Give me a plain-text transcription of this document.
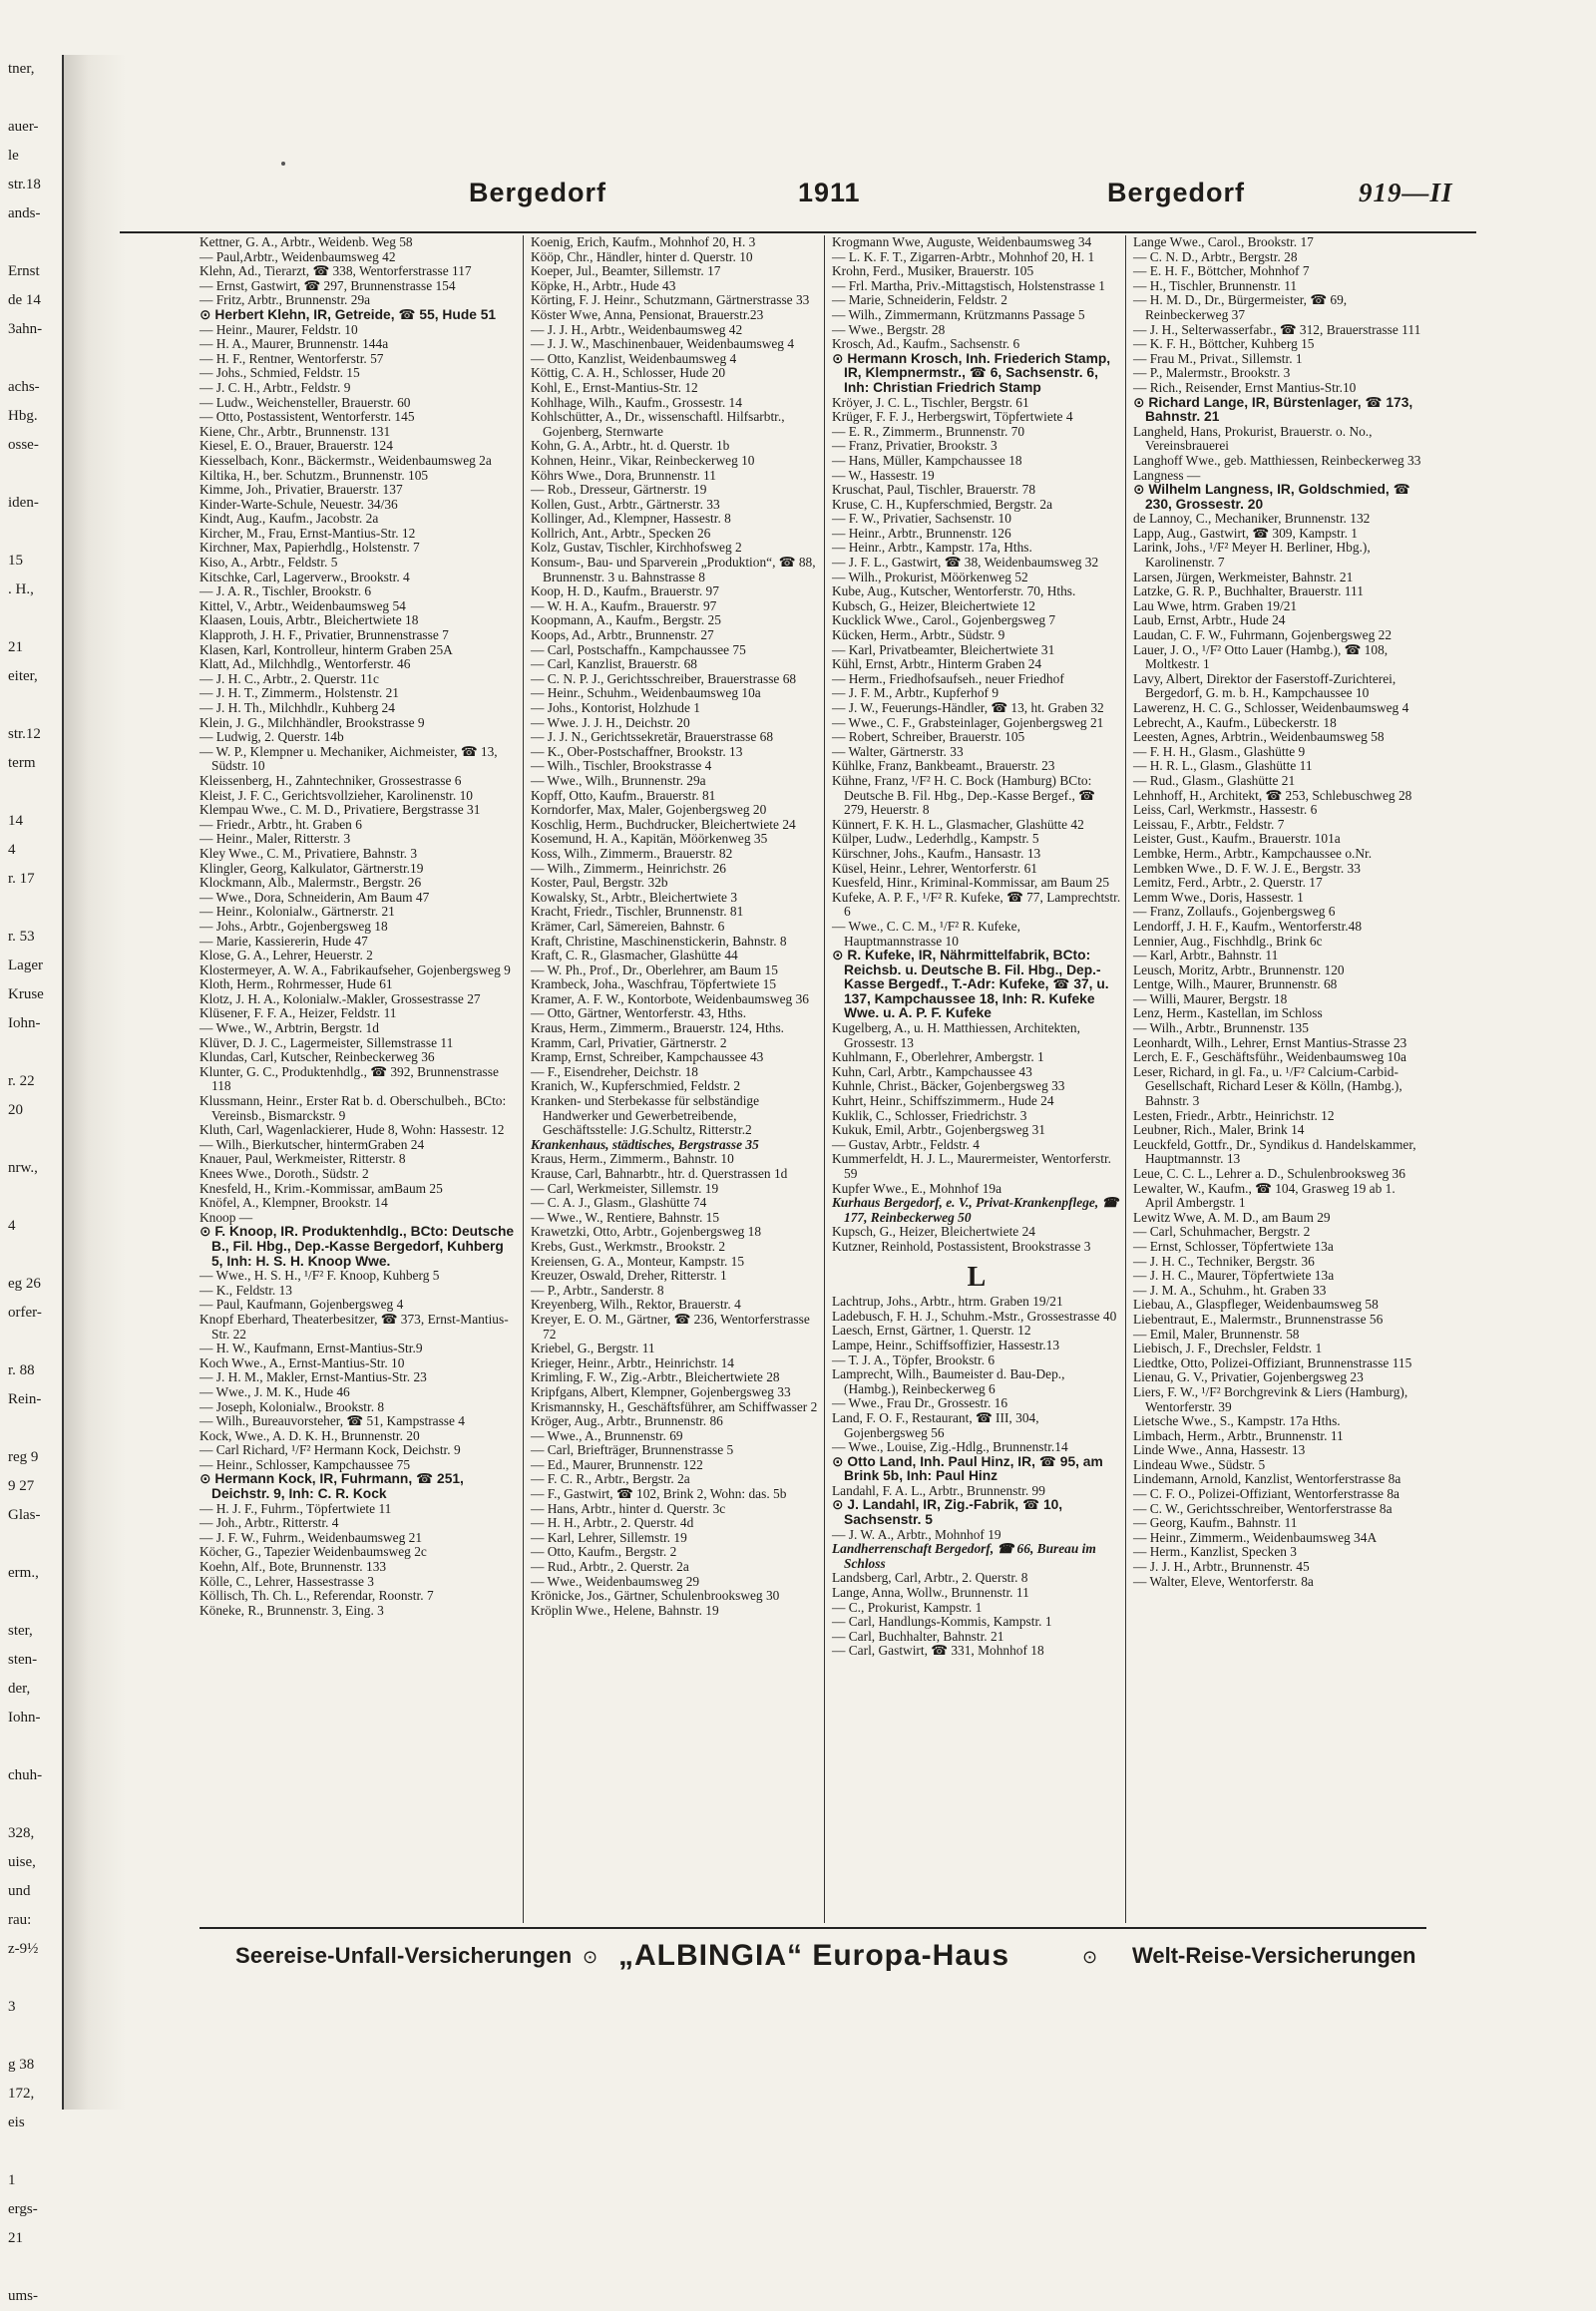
tner,

auer-
le
str.18
ands-

Ernst
de 14
3ahn-

achs-
Hbg.
osse-

iden-

15
. H.,

21
eiter,

str.12
term

14
4
r. 17

r. 53
Lager
Kruse
Iohn-

r. 22
20

nrw.,

4

eg 26
orfer-

r. 88
Rein-

reg 9
9 27
Glas-

erm.,

ster,
sten-
der,
Iohn-

chuh-

328,
uise,
und
rau:
z-9½

3

g 38
172,
eis

1
ergs-
21

ums-
Bergedorf	1911	Bergedorf	919—II

Kettner, G. A., Arbtr., Weidenb. Weg 58

— Paul,Arbtr., Weidenbaumsweg 42

Klehn, Ad., Tierarzt, ☎ 338, Wentorferstrasse 117

— Ernst, Gastwirt, ☎ 297, Brunnenstrasse 154

— Fritz, Arbtr., Brunnenstr. 29a

⊙ Herbert Klehn, IR, Getreide, ☎ 55, Hude 51

— Heinr., Maurer, Feldstr. 10

— H. A., Maurer, Brunnenstr. 144a

— H. F., Rentner, Wentorferstr. 57

— Johs., Schmied, Feldstr. 15

— J. C. H., Arbtr., Feldstr. 9

— Ludw., Weichensteller, Brauerstr. 60

— Otto, Postassistent, Wentorferstr. 145

Kiene, Chr., Arbtr., Brunnenstr. 131

Kiesel, E. O., Brauer, Brauerstr. 124

Kiesselbach, Konr., Bäckermstr., Weidenbaumsweg 2a

Kiltika, H., ber. Schutzm., Brunnenstr. 105

Kimme, Joh., Privatier, Brauerstr. 137

Kinder-Warte-Schule, Neuestr. 34/36

Kindt, Aug., Kaufm., Jacobstr. 2a

Kircher, M., Frau, Ernst-Mantius-Str. 12

Kirchner, Max, Papierhdlg., Holstenstr. 7

Kiso, A., Arbtr., Feldstr. 5

Kitschke, Carl, Lagerverw., Brookstr. 4

— J. A. R., Tischler, Brookstr. 6

Kittel, V., Arbtr., Weidenbaumsweg 54

Klaasen, Louis, Arbtr., Bleichertwiete 18

Klapproth, J. H. F., Privatier, Brunnenstrasse 7

Klasen, Karl, Kontrolleur, hinterm Graben 25A

Klatt, Ad., Milchhdlg., Wentorferstr. 46

— J. H. C., Arbtr., 2. Querstr. 11c

— J. H. T., Zimmerm., Holstenstr. 21

— J. H. Th., Milchhdlr., Kuhberg 24

Klein, J. G., Milchhändler, Brookstrasse 9

— Ludwig, 2. Querstr. 14b

— W. P., Klempner u. Mechaniker, Aichmeister, ☎ 13, Südstr. 10

Kleissenberg, H., Zahntechniker, Grossestrasse 6

Kleist, J. F. C., Gerichtsvollzieher, Karolinenstr. 10

Klempau Wwe., C. M. D., Privatiere, Bergstrasse 31

— Friedr., Arbtr., ht. Graben 6

— Heinr., Maler, Ritterstr. 3

Kley Wwe., C. M., Privatiere, Bahnstr. 3

Klingler, Georg, Kalkulator, Gärtnerstr.19

Klockmann, Alb., Malermstr., Bergstr. 26

— Wwe., Dora, Schneiderin, Am Baum 47

— Heinr., Kolonialw., Gärtnerstr. 21

— Johs., Arbtr., Gojenbergsweg 18

— Marie, Kassiererin, Hude 47

Klose, G. A., Lehrer, Heuerstr. 2

Klostermeyer, A. W. A., Fabrikaufseher, Gojenbergsweg 9

Kloth, Herm., Rohrmesser, Hude 61

Klotz, J. H. A., Kolonialw.-Makler, Grossestrasse 27

Klüsener, F. F. A., Heizer, Feldstr. 11

— Wwe., W., Arbtrin, Bergstr. 1d

Klüver, D. J. C., Lagermeister, Sillemstrasse 11

Klundas, Carl, Kutscher, Reinbeckerweg 36

Klunter, G. C., Produktenhdlg., ☎ 392, Brunnenstrasse 118

Klussmann, Heinr., Erster Rat b. d. Oberschulbeh., BCto: Vereinsb., Bismarckstr. 9

Kluth, Carl, Wagenlackierer, Hude 8, Wohn: Hassestr. 12

— Wilh., Bierkutscher, hintermGraben 24

Knauer, Paul, Werkmeister, Ritterstr. 8

Knees Wwe., Doroth., Südstr. 2

Knesfeld, H., Krim.-Kommissar, amBaum 25

Knöfel, A., Klempner, Brookstr. 14

Knoop —

⊙ F. Knoop, IR. Produktenhdlg., BCto: Deutsche B., Fil. Hbg., Dep.-Kasse Bergedorf, Kuhberg 5, Inh: H. S. H. Knoop Wwe.

— Wwe., H. S. H., ¹/F² F. Knoop, Kuhberg 5

— K., Feldstr. 13

— Paul, Kaufmann, Gojenbergsweg 4

Knopf Eberhard, Theaterbesitzer, ☎ 373, Ernst-Mantius-Str. 22

— H. W., Kaufmann, Ernst-Mantius-Str.9

Koch Wwe., A., Ernst-Mantius-Str. 10

— J. H. M., Makler, Ernst-Mantius-Str. 23

— Wwe., J. M. K., Hude 46

— Joseph, Kolonialw., Brookstr. 8

— Wilh., Bureauvorsteher, ☎ 51, Kampstrasse 4

Kock, Wwe., A. D. K. H., Brunnenstr. 20

— Carl Richard, ¹/F² Hermann Kock, Deichstr. 9

— Heinr., Schlosser, Kampchaussee 75

⊙ Hermann Kock, IR, Fuhrmann, ☎ 251, Deichstr. 9, Inh: C. R. Kock

— H. J. F., Fuhrm., Töpfertwiete 11

— Joh., Arbtr., Ritterstr. 4

— J. F. W., Fuhrm., Weidenbaumsweg 21

Köcher, G., Tapezier Weidenbaumsweg 2c

Koehn, Alf., Bote, Brunnenstr. 133

Kölle, C., Lehrer, Hassestrasse 3

Köllisch, Th. Ch. L., Referendar, Roonstr. 7

Köneke, R., Brunnenstr. 3, Eing. 3

Koenig, Erich, Kaufm., Mohnhof 20, H. 3

Kööp, Chr., Händler, hinter d. Querstr. 10

Koeper, Jul., Beamter, Sillemstr. 17

Köpke, H., Arbtr., Hude 43

Körting, F. J. Heinr., Schutzmann, Gärtnerstrasse 33

Köster Wwe, Anna, Pensionat, Brauerstr.23

— J. J. H., Arbtr., Weidenbaumsweg 42

— J. J. W., Maschinenbauer, Weidenbaumsweg 4

— Otto, Kanzlist, Weidenbaumsweg 4

Köttig, C. A. H., Schlosser, Hude 20

Kohl, E., Ernst-Mantius-Str. 12

Kohlhage, Wilh., Kaufm., Grossestr. 14

Kohlschütter, A., Dr., wissenschaftl. Hilfsarbtr., Gojenberg, Sternwarte

Kohn, G. A., Arbtr., ht. d. Querstr. 1b

Kohnen, Heinr., Vikar, Reinbeckerweg 10

Köhrs Wwe., Dora, Brunnenstr. 11

— Rob., Dresseur, Gärtnerstr. 19

Kollen, Gust., Arbtr., Gärtnerstr. 33

Kollinger, Ad., Klempner, Hassestr. 8

Kollrich, Ant., Arbtr., Specken 26

Kolz, Gustav, Tischler, Kirchhofsweg 2

Konsum-, Bau- und Sparverein „Produktion“, ☎ 88, Brunnenstr. 3 u. Bahnstrasse 8

Koop, H. D., Kaufm., Brauerstr. 97

— W. H. A., Kaufm., Brauerstr. 97

Koopmann, A., Kaufm., Bergstr. 25

Koops, Ad., Arbtr., Brunnenstr. 27

— Carl, Postschaffn., Kampchaussee 75

— Carl, Kanzlist, Brauerstr. 68

— C. N. P. J., Gerichtsschreiber, Brauerstrasse 68

— Heinr., Schuhm., Weidenbaumsweg 10a

— Johs., Kontorist, Holzhude 1

— Wwe. J. J. H., Deichstr. 20

— J. J. N., Gerichtssekretär, Brauerstrasse 68

— K., Ober-Postschaffner, Brookstr. 13

— Wilh., Tischler, Brookstrasse 4

— Wwe., Wilh., Brunnenstr. 29a

Kopff, Otto, Kaufm., Brauerstr. 81

Korndorfer, Max, Maler, Gojenbergsweg 20

Koschlig, Herm., Buchdrucker, Bleichertwiete 24

Kosemund, H. A., Kapitän, Möörkenweg 35

Koss, Wilh., Zimmerm., Brauerstr. 82

— Wilh., Zimmerm., Heinrichstr. 26

Koster, Paul, Bergstr. 32b

Kowalsky, St., Arbtr., Bleichertwiete 3

Kracht, Friedr., Tischler, Brunnenstr. 81

Krämer, Carl, Sämereien, Bahnstr. 6

Kraft, Christine, Maschinenstickerin, Bahnstr. 8

Kraft, C. R., Glasmacher, Glashütte 44

— W. Ph., Prof., Dr., Oberlehrer, am Baum 15

Krambeck, Joha., Waschfrau, Töpfertwiete 15

Kramer, A. F. W., Kontorbote, Weidenbaumsweg 36

— Otto, Gärtner, Wentorferstr. 43, Hths.

Kraus, Herm., Zimmerm., Brauerstr. 124, Hths.

Kramm, Carl, Privatier, Gärtnerstr. 2

Kramp, Ernst, Schreiber, Kampchaussee 43

— F., Eisendreher, Deichstr. 18

Kranich, W., Kupferschmied, Feldstr. 2

Kranken- und Sterbekasse für selbständige Handwerker und Gewerbetreibende, Geschäftsstelle: J.G.Schultz, Ritterstr.2

Krankenhaus, städtisches, Bergstrasse 35

Kraus, Herm., Zimmerm., Bahnstr. 10

Krause, Carl, Bahnarbtr., htr. d. Querstrassen 1d

— Carl, Werkmeister, Sillemstr. 19

— C. A. J., Glasm., Glashütte 74

— Wwe., W., Rentiere, Bahnstr. 15

Krawetzki, Otto, Arbtr., Gojenbergsweg 18

Krebs, Gust., Werkmstr., Brookstr. 2

Kreiensen, G. A., Monteur, Kampstr. 15

Kreuzer, Oswald, Dreher, Ritterstr. 1

— P., Arbtr., Sanderstr. 8

Kreyenberg, Wilh., Rektor, Brauerstr. 4

Kreyer, E. O. M., Gärtner, ☎ 236, Wentorferstrasse 72

Kriebel, G., Bergstr. 11

Krieger, Heinr., Arbtr., Heinrichstr. 14

Krimling, F. W., Zig.-Arbtr., Bleichertwiete 28

Kripfgans, Albert, Klempner, Gojenbergsweg 33

Krismannsky, H., Geschäftsführer, am Schiffwasser 2

Kröger, Aug., Arbtr., Brunnenstr. 86

— Wwe., A., Brunnenstr. 69

— Carl, Briefträger, Brunnenstrasse 5

— Ed., Maurer, Brunnenstr. 122

— F. C. R., Arbtr., Bergstr. 2a

— F., Gastwirt, ☎ 102, Brink 2, Wohn: das. 5b

— Hans, Arbtr., hinter d. Querstr. 3c

— H. H., Arbtr., 2. Querstr. 4d

— Karl, Lehrer, Sillemstr. 19

— Otto, Kaufm., Bergstr. 2

— Rud., Arbtr., 2. Querstr. 2a

— Wwe., Weidenbaumsweg 29

Krönicke, Jos., Gärtner, Schulenbrooksweg 30

Kröplin Wwe., Helene, Bahnstr. 19

Krogmann Wwe, Auguste, Weidenbaumsweg 34

— L. K. F. T., Zigarren-Arbtr., Mohnhof 20, H. 1

Krohn, Ferd., Musiker, Brauerstr. 105

— Frl. Martha, Priv.-Mittagstisch, Holstenstrasse 1

— Marie, Schneiderin, Feldstr. 2

— Wilh., Zimmermann, Krützmanns Passage 5

— Wwe., Bergstr. 28

Krosch, Ad., Kaufm., Sachsenstr. 6

⊙ Hermann Krosch, Inh. Friederich Stamp, IR, Klempnermstr., ☎ 6, Sachsenstr. 6, Inh: Christian Friedrich Stamp

Kröyer, J. C. L., Tischler, Bergstr. 61

Krüger, F. F. J., Herbergswirt, Töpfertwiete 4

— E. R., Zimmerm., Brunnenstr. 70

— Franz, Privatier, Brookstr. 3

— Hans, Müller, Kampchaussee 18

— W., Hassestr. 19

Kruschat, Paul, Tischler, Brauerstr. 78

Kruse, C. H., Kupferschmied, Bergstr. 2a

— F. W., Privatier, Sachsenstr. 10

— Heinr., Arbtr., Brunnenstr. 126

— Heinr., Arbtr., Kampstr. 17a, Hths.

— J. F. L., Gastwirt, ☎ 38, Weidenbaumsweg 32

— Wilh., Prokurist, Möörkenweg 52

Kube, Aug., Kutscher, Wentorferstr. 70, Hths.

Kubsch, G., Heizer, Bleichertwiete 12

Kucklick Wwe., Carol., Gojenbergsweg 7

Kücken, Herm., Arbtr., Südstr. 9

— Karl, Privatbeamter, Bleichertwiete 31

Kühl, Ernst, Arbtr., Hinterm Graben 24

— Herm., Friedhofsaufseh., neuer Friedhof

— J. F. M., Arbtr., Kupferhof 9

— J. W., Feuerungs-Händler, ☎ 13, ht. Graben 32

— Wwe., C. F., Grabsteinlager, Gojenbergsweg 21

— Robert, Schreiber, Brauerstr. 105

— Walter, Gärtnerstr. 33

Kühlke, Franz, Bankbeamt., Brauerstr. 23

Kühne, Franz, ¹/F² H. C. Bock (Hamburg) BCto: Deutsche B. Fil. Hbg., Dep.-Kasse Bergef., ☎ 279, Heuerstr. 8

Künnert, F. K. H. L., Glasmacher, Glashütte 42

Külper, Ludw., Lederhdlg., Kampstr. 5

Kürschner, Johs., Kaufm., Hansastr. 13

Küsel, Heinr., Lehrer, Wentorferstr. 61

Kuesfeld, Hinr., Kriminal-Kommissar, am Baum 25

Kufeke, A. P. F., ¹/F² R. Kufeke, ☎ 77, Lamprechtstr. 6

— Wwe., C. C. M., ¹/F² R. Kufeke, Hauptmannstrasse 10

⊙ R. Kufeke, IR, Nährmittelfabrik, BCto: Reichsb. u. Deutsche B. Fil. Hbg., Dep.-Kasse Bergedf., T.-Adr: Kufeke, ☎ 37, u. 137, Kampchaussee 18, Inh: R. Kufeke Wwe. u. A. P. F. Kufeke

Kugelberg, A., u. H. Matthiessen, Architekten, Grossestr. 13

Kuhlmann, F., Oberlehrer, Ambergstr. 1

Kuhn, Carl, Arbtr., Kampchaussee 43

Kuhnle, Christ., Bäcker, Gojenbergsweg 33

Kuhrt, Heinr., Schiffszimmerm., Hude 24

Kuklik, C., Schlosser, Friedrichstr. 3

Kukuk, Emil, Arbtr., Gojenbergsweg 31

— Gustav, Arbtr., Feldstr. 4

Kummerfeldt, H. J. L., Maurermeister, Wentorferstr. 59

Kupfer Wwe., E., Mohnhof 19a

Kurhaus Bergedorf, e. V., Privat-Krankenpflege, ☎ 177, Reinbeckerweg 50

Kupsch, G., Heizer, Bleichertwiete 24

Kutzner, Reinhold, Postassistent, Brookstrasse 3

L

Lachtrup, Johs., Arbtr., htrm. Graben 19/21

Ladebusch, F. H. J., Schuhm.-Mstr., Grossestrasse 40

Laesch, Ernst, Gärtner, 1. Querstr. 12

Lampe, Heinr., Schiffsoffizier, Hassestr.13

— T. J. A., Töpfer, Brookstr. 6

Lamprecht, Wilh., Baumeister d. Bau-Dep., (Hambg.), Reinbeckerweg 6

— Wwe., Frau Dr., Grossestr. 16

Land, F. O. F., Restaurant, ☎ III, 304, Gojenbergsweg 56

— Wwe., Louise, Zig.-Hdlg., Brunnenstr.14

⊙ Otto Land, Inh. Paul Hinz, IR, ☎ 95, am Brink 5b, Inh: Paul Hinz

Landahl, F. A. L., Arbtr., Brunnenstr. 99

⊙ J. Landahl, IR, Zig.-Fabrik, ☎ 10, Sachsenstr. 5

— J. W. A., Arbtr., Mohnhof 19

Landherrenschaft Bergedorf, ☎ 66, Bureau im Schloss

Landsberg, Carl, Arbtr., 2. Querstr. 8

Lange, Anna, Wollw., Brunnenstr. 11

— C., Prokurist, Kampstr. 1

— Carl, Handlungs-Kommis, Kampstr. 1

— Carl, Buchhalter, Bahnstr. 21

— Carl, Gastwirt, ☎ 331, Mohnhof 18

Lange Wwe., Carol., Brookstr. 17

— C. N. D., Arbtr., Bergstr. 28

— E. H. F., Böttcher, Mohnhof 7

— H., Tischler, Brunnenstr. 11

— H. M. D., Dr., Bürgermeister, ☎ 69, Reinbeckerweg 37

— J. H., Selterwasserfabr., ☎ 312, Brauerstrasse 111

— K. F. H., Böttcher, Kuhberg 15

— Frau M., Privat., Sillemstr. 1

— P., Malermstr., Brookstr. 3

— Rich., Reisender, Ernst Mantius-Str.10

⊙ Richard Lange, IR, Bürstenlager, ☎ 173, Bahnstr. 21

Langheld, Hans, Prokurist, Brauerstr. o. No., Vereinsbrauerei

Langhoff Wwe., geb. Matthiessen, Reinbeckerweg 33

Langness —

⊙ Wilhelm Langness, IR, Goldschmied, ☎ 230, Grossestr. 20

de Lannoy, C., Mechaniker, Brunnenstr. 132

Lapp, Aug., Gastwirt, ☎ 309, Kampstr. 1

Larink, Johs., ¹/F² Meyer H. Berliner, Hbg.), Karolinenstr. 7

Larsen, Jürgen, Werkmeister, Bahnstr. 21

Latzke, G. R. P., Buchhalter, Brauerstr. 111

Lau Wwe, htrm. Graben 19/21

Laub, Ernst, Arbtr., Hude 24

Laudan, C. F. W., Fuhrmann, Gojenbergsweg 22

Lauer, J. O., ¹/F² Otto Lauer (Hambg.), ☎ 108, Moltkestr. 1

Lavy, Albert, Direktor der Faserstoff-Zurichterei, Bergedorf, G. m. b. H., Kampchaussee 10

Lawerenz, H. C. G., Schlosser, Weidenbaumsweg 4

Lebrecht, A., Kaufm., Lübeckerstr. 18

Leesten, Agnes, Arbtrin., Weidenbaumsweg 58

— F. H. H., Glasm., Glashütte 9

— H. R. L., Glasm., Glashütte 11

— Rud., Glasm., Glashütte 21

Lehnhoff, H., Architekt, ☎ 253, Schlebuschweg 28

Leiss, Carl, Werkmstr., Hassestr. 6

Leissau, F., Arbtr., Feldstr. 7

Leister, Gust., Kaufm., Brauerstr. 101a

Lembke, Herm., Arbtr., Kampchaussee o.Nr.

Lembken Wwe., D. F. W. J. E., Bergstr. 33

Lemitz, Ferd., Arbtr., 2. Querstr. 17

Lemm Wwe., Doris, Hassestr. 1

— Franz, Zollaufs., Gojenbergsweg 6

Lendorff, J. H. F., Kaufm., Wentorferstr.48

Lennier, Aug., Fischhdlg., Brink 6c

— Karl, Arbtr., Bahnstr. 11

Leusch, Moritz, Arbtr., Brunnenstr. 120

Lentge, Wilh., Maurer, Brunnenstr. 68

— Willi, Maurer, Bergstr. 18

Lenz, Herm., Kastellan, im Schloss

— Wilh., Arbtr., Brunnenstr. 135

Leonhardt, Wilh., Lehrer, Ernst Mantius-Strasse 23

Lerch, E. F., Geschäftsführ., Weidenbaumsweg 10a

Leser, Richard, in gl. Fa., u. ¹/F² Calcium-Carbid-Gesellschaft, Richard Leser & Kölln, (Hambg.), Bahnstr. 3

Lesten, Friedr., Arbtr., Heinrichstr. 12

Leubner, Rich., Maler, Brink 14

Leuckfeld, Gottfr., Dr., Syndikus d. Handelskammer, Hauptmannstr. 13

Leue, C. C. L., Lehrer a. D., Schulenbrooksweg 36

Lewalter, W., Kaufm., ☎ 104, Grasweg 19 ab 1. April Ambergstr. 1

Lewitz Wwe, A. M. D., am Baum 29

— Carl, Schuhmacher, Bergstr. 2

— Ernst, Schlosser, Töpfertwiete 13a

— J. H. C., Techniker, Bergstr. 36

— J. H. C., Maurer, Töpfertwiete 13a

— J. M. A., Schuhm., ht. Graben 33

Liebau, A., Glaspfleger, Weidenbaumsweg 58

Liebentraut, E., Malermstr., Brunnenstrasse 56

— Emil, Maler, Brunnenstr. 58

Liebisch, J. F., Drechsler, Feldstr. 1

Liedtke, Otto, Polizei-Offiziant, Brunnenstrasse 115

Lienau, G. V., Privatier, Gojenbergsweg 23

Liers, F. W., ¹/F² Borchgrevink & Liers (Hamburg), Wentorferstr. 39

Lietsche Wwe., S., Kampstr. 17a Hths.

Limbach, Herm., Arbtr., Brunnenstr. 11

Linde Wwe., Anna, Hassestr. 13

Lindeau Wwe., Südstr. 5

Lindemann, Arnold, Kanzlist, Wentorferstrasse 8a

— C. F. O., Polizei-Offiziant, Wentorferstrasse 8a

— C. W., Gerichtsschreiber, Wentorferstrasse 8a

— Georg, Kaufm., Bahnstr. 11

— Heinr., Zimmerm., Weidenbaumsweg 34A

— Herm., Kanzlist, Specken 3

— J. J. H., Arbtr., Brunnenstr. 45

— Walter, Eleve, Wentorferstr. 8a

Seereise-Unfall-Versicherungen ⊙ „ALBINGIA“ Europa-Haus	⊙ Welt-Reise-Versicherungen
